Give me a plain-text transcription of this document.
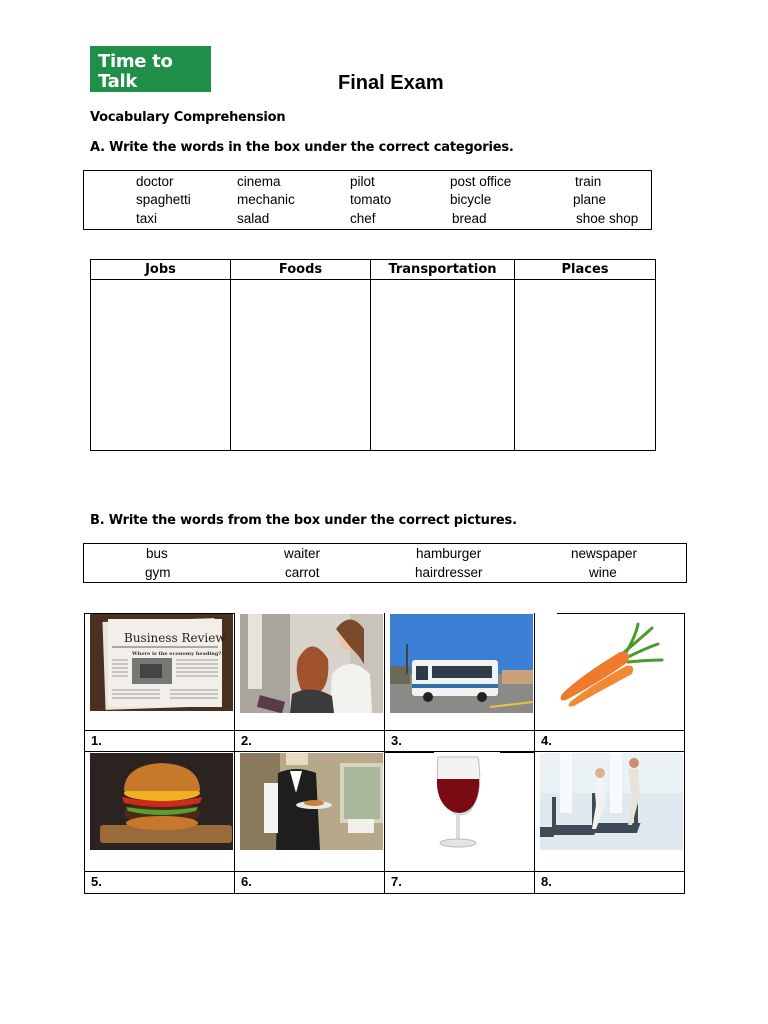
Time to Talk
21st Century Communication Skills
Final Exam
Vocabulary Comprehension
A. Write the words in the box under the correct categories.
doctor	cinema	pilot	post office	train
spaghetti	mechanic	tomato	bicycle	plane
taxi	salad	chef	bread	shoe shop
Jobs	Foods	Transportation	Places

B. Write the words from the box under the correct pictures.
bus	waiter	hamburger	newspaper
gym	carrot	hairdresser	wine
Business Review
Where is the economy heading?
1.	2.	3.	4.
5.	6.	7.	8.
